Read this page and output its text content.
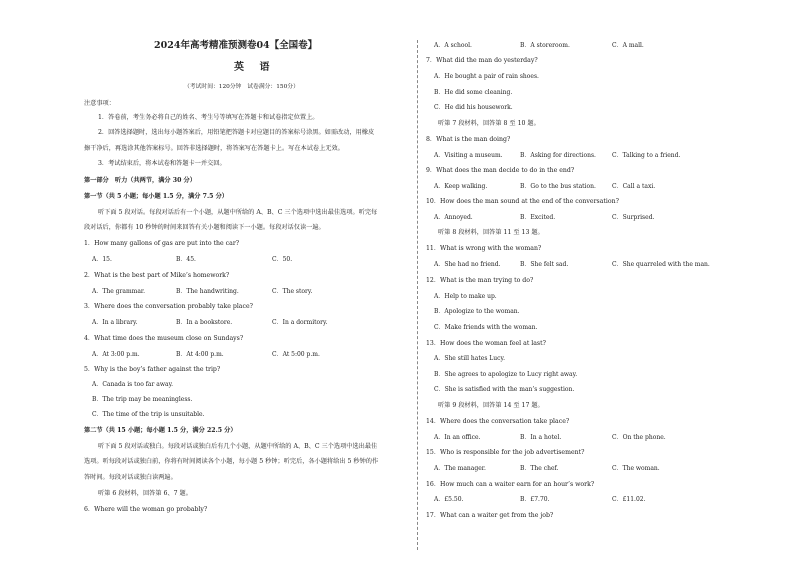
2024年高考精准预测卷04【全国卷】
英 语
（考试时间：120分钟　试卷满分：150分）
注意事项：
1．答卷前，考生务必将自己的姓名、考生号等填写在答题卡和试卷指定位置上。
2．回答选择题时，选出每小题答案后，用铅笔把答题卡对应题目的答案标号涂黑。如需改动，用橡皮
擦干净后，再选涂其他答案标号。回答非选择题时，将答案写在答题卡上。写在本试卷上无效。
3．考试结束后，将本试卷和答题卡一并交回。
第一部分　听力（共两节，满分 30 分）
第一节（共 5 小题；每小题 1.5 分，满分 7.5 分）
听下面 5 段对话。每段对话后有一个小题，从题中所给的 A、B、C 三个选项中选出最佳选项。听完每
段对话后，你都有 10 秒钟的时间来回答有关小题和阅读下一小题。每段对话仅读一遍。
1．How many gallons of gas are put into the car?
A．15.	B．45.	C．50.
2．What is the best part of Mike’s homework?
A．The grammar.	B．The handwriting.	C．The story.
3．Where does the conversation probably take place?
A．In a library.	B．In a bookstore.	C．In a dormitory.
4．What time does the museum close on Sundays?
A．At 3:00 p.m.	B．At 4:00 p.m.	C．At 5:00 p.m.
5．Why is the boy’s father against the trip?
A．Canada is too far away.
B．The trip may be meaningless.
C．The time of the trip is unsuitable.
第二节（共 15 小题；每小题 1.5 分，满分 22.5 分）
听下面 5 段对话或独白。每段对话或独白后有几个小题，从题中所给的 A、B、C 三个选项中选出最佳
选项。听每段对话或独白前，你将有时间阅读各个小题，每小题 5 秒钟；听完后，各小题将给出 5 秒钟的作
答时间。每段对话或独白读两遍。
听第 6 段材料，回答第 6、7 题。
6．Where will the woman go probably?
A．A school.	B．A storeroom.	C．A mall.
7．What did the man do yesterday?
A．He bought a pair of rain shoes.
B．He did some cleaning.
C．He did his housework.
听第 7 段材料，回答第 8 至 10 题。
8．What is the man doing?
A．Visiting a museum.	B．Asking for directions.	C．Talking to a friend.
9．What does the man decide to do in the end?
A．Keep walking.	B．Go to the bus station.	C．Call a taxi.
10．How does the man sound at the end of the conversation?
A．Annoyed.	B．Excited.	C．Surprised.
听第 8 段材料，回答第 11 至 13 题。
11．What is wrong with the woman?
A．She had no friend.	B．She felt sad.	C．She quarreled with the man.
12．What is the man trying to do?
A．Help to make up.
B．Apologize to the woman.
C．Make friends with the woman.
13．How does the woman feel at last?
A．She still hates Lucy.
B．She agrees to apologize to Lucy right away.
C．She is satisfied with the man’s suggestion.
听第 9 段材料，回答第 14 至 17 题。
14．Where does the conversation take place?
A．In an office.	B．In a hotel.	C．On the phone.
15．Who is responsible for the job advertisement?
A．The manager.	B．The chef.	C．The woman.
16．How much can a waiter earn for an hour’s work?
A．£5.50.	B．£7.70.	C．£11.02.
17．What can a waiter get from the job?
